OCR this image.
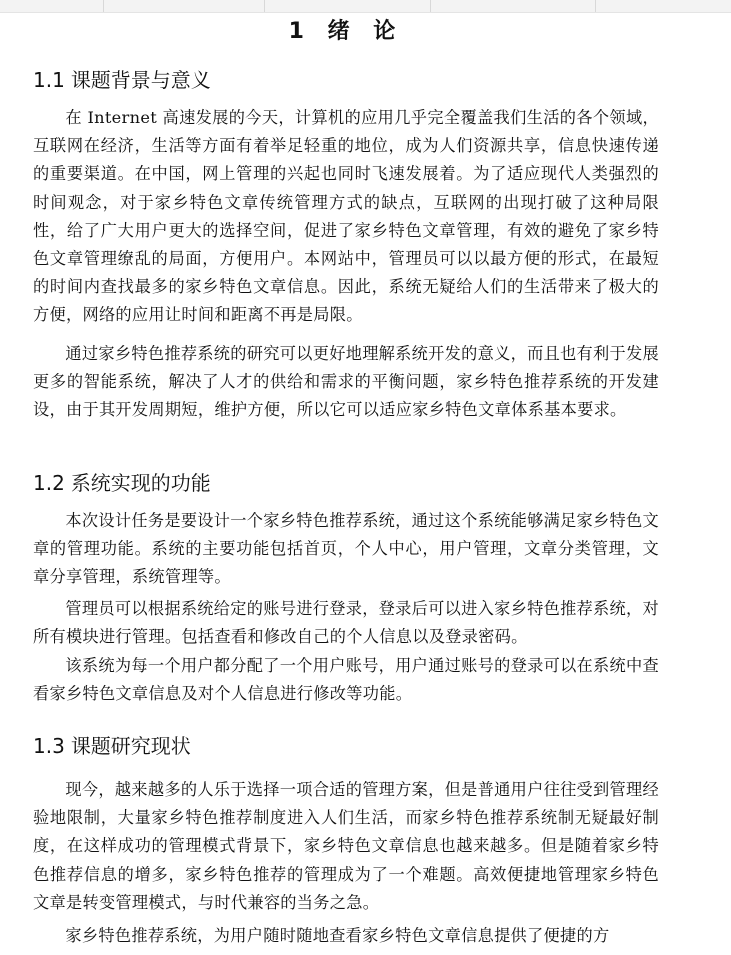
1 绪 论
1.1 课题背景与意义

在 Internet 高速发展的今天，计算机的应用几乎完全覆盖我们生活的各个领域，互联网在经济，生活等方面有着举足轻重的地位，成为人们资源共享，信息快速传递的重要渠道。在中国，网上管理的兴起也同时飞速发展着。为了适应现代人类强烈的时间观念，对于家乡特色文章传统管理方式的缺点，互联网的出现打破了这种局限性，给了广大用户更大的选择空间，促进了家乡特色文章管理，有效的避免了家乡特色文章管理缭乱的局面，方便用户。本网站中，管理员可以以最方便的形式，在最短的时间内查找最多的家乡特色文章信息。因此，系统无疑给人们的生活带来了极大的方便，网络的应用让时间和距离不再是局限。

通过家乡特色推荐系统的研究可以更好地理解系统开发的意义，而且也有利于发展更多的智能系统，解决了人才的供给和需求的平衡问题，家乡特色推荐系统的开发建设，由于其开发周期短，维护方便，所以它可以适应家乡特色文章体系基本要求。

1.2 系统实现的功能

本次设计任务是要设计一个家乡特色推荐系统，通过这个系统能够满足家乡特色文章的管理功能。系统的主要功能包括首页，个人中心，用户管理，文章分类管理，文章分享管理，系统管理等。

管理员可以根据系统给定的账号进行登录，登录后可以进入家乡特色推荐系统，对所有模块进行管理。包括查看和修改自己的个人信息以及登录密码。

该系统为每一个用户都分配了一个用户账号，用户通过账号的登录可以在系统中查看家乡特色文章信息及对个人信息进行修改等功能。

1.3 课题研究现状

现今，越来越多的人乐于选择一项合适的管理方案，但是普通用户往往受到管理经验地限制，大量家乡特色推荐制度进入人们生活，而家乡特色推荐系统制无疑最好制度，在这样成功的管理模式背景下，家乡特色文章信息也越来越多。但是随着家乡特色推荐信息的增多，家乡特色推荐的管理成为了一个难题。高效便捷地管理家乡特色文章是转变管理模式，与时代兼容的当务之急。

家乡特色推荐系统，为用户随时随地查看家乡特色文章信息提供了便捷的方
